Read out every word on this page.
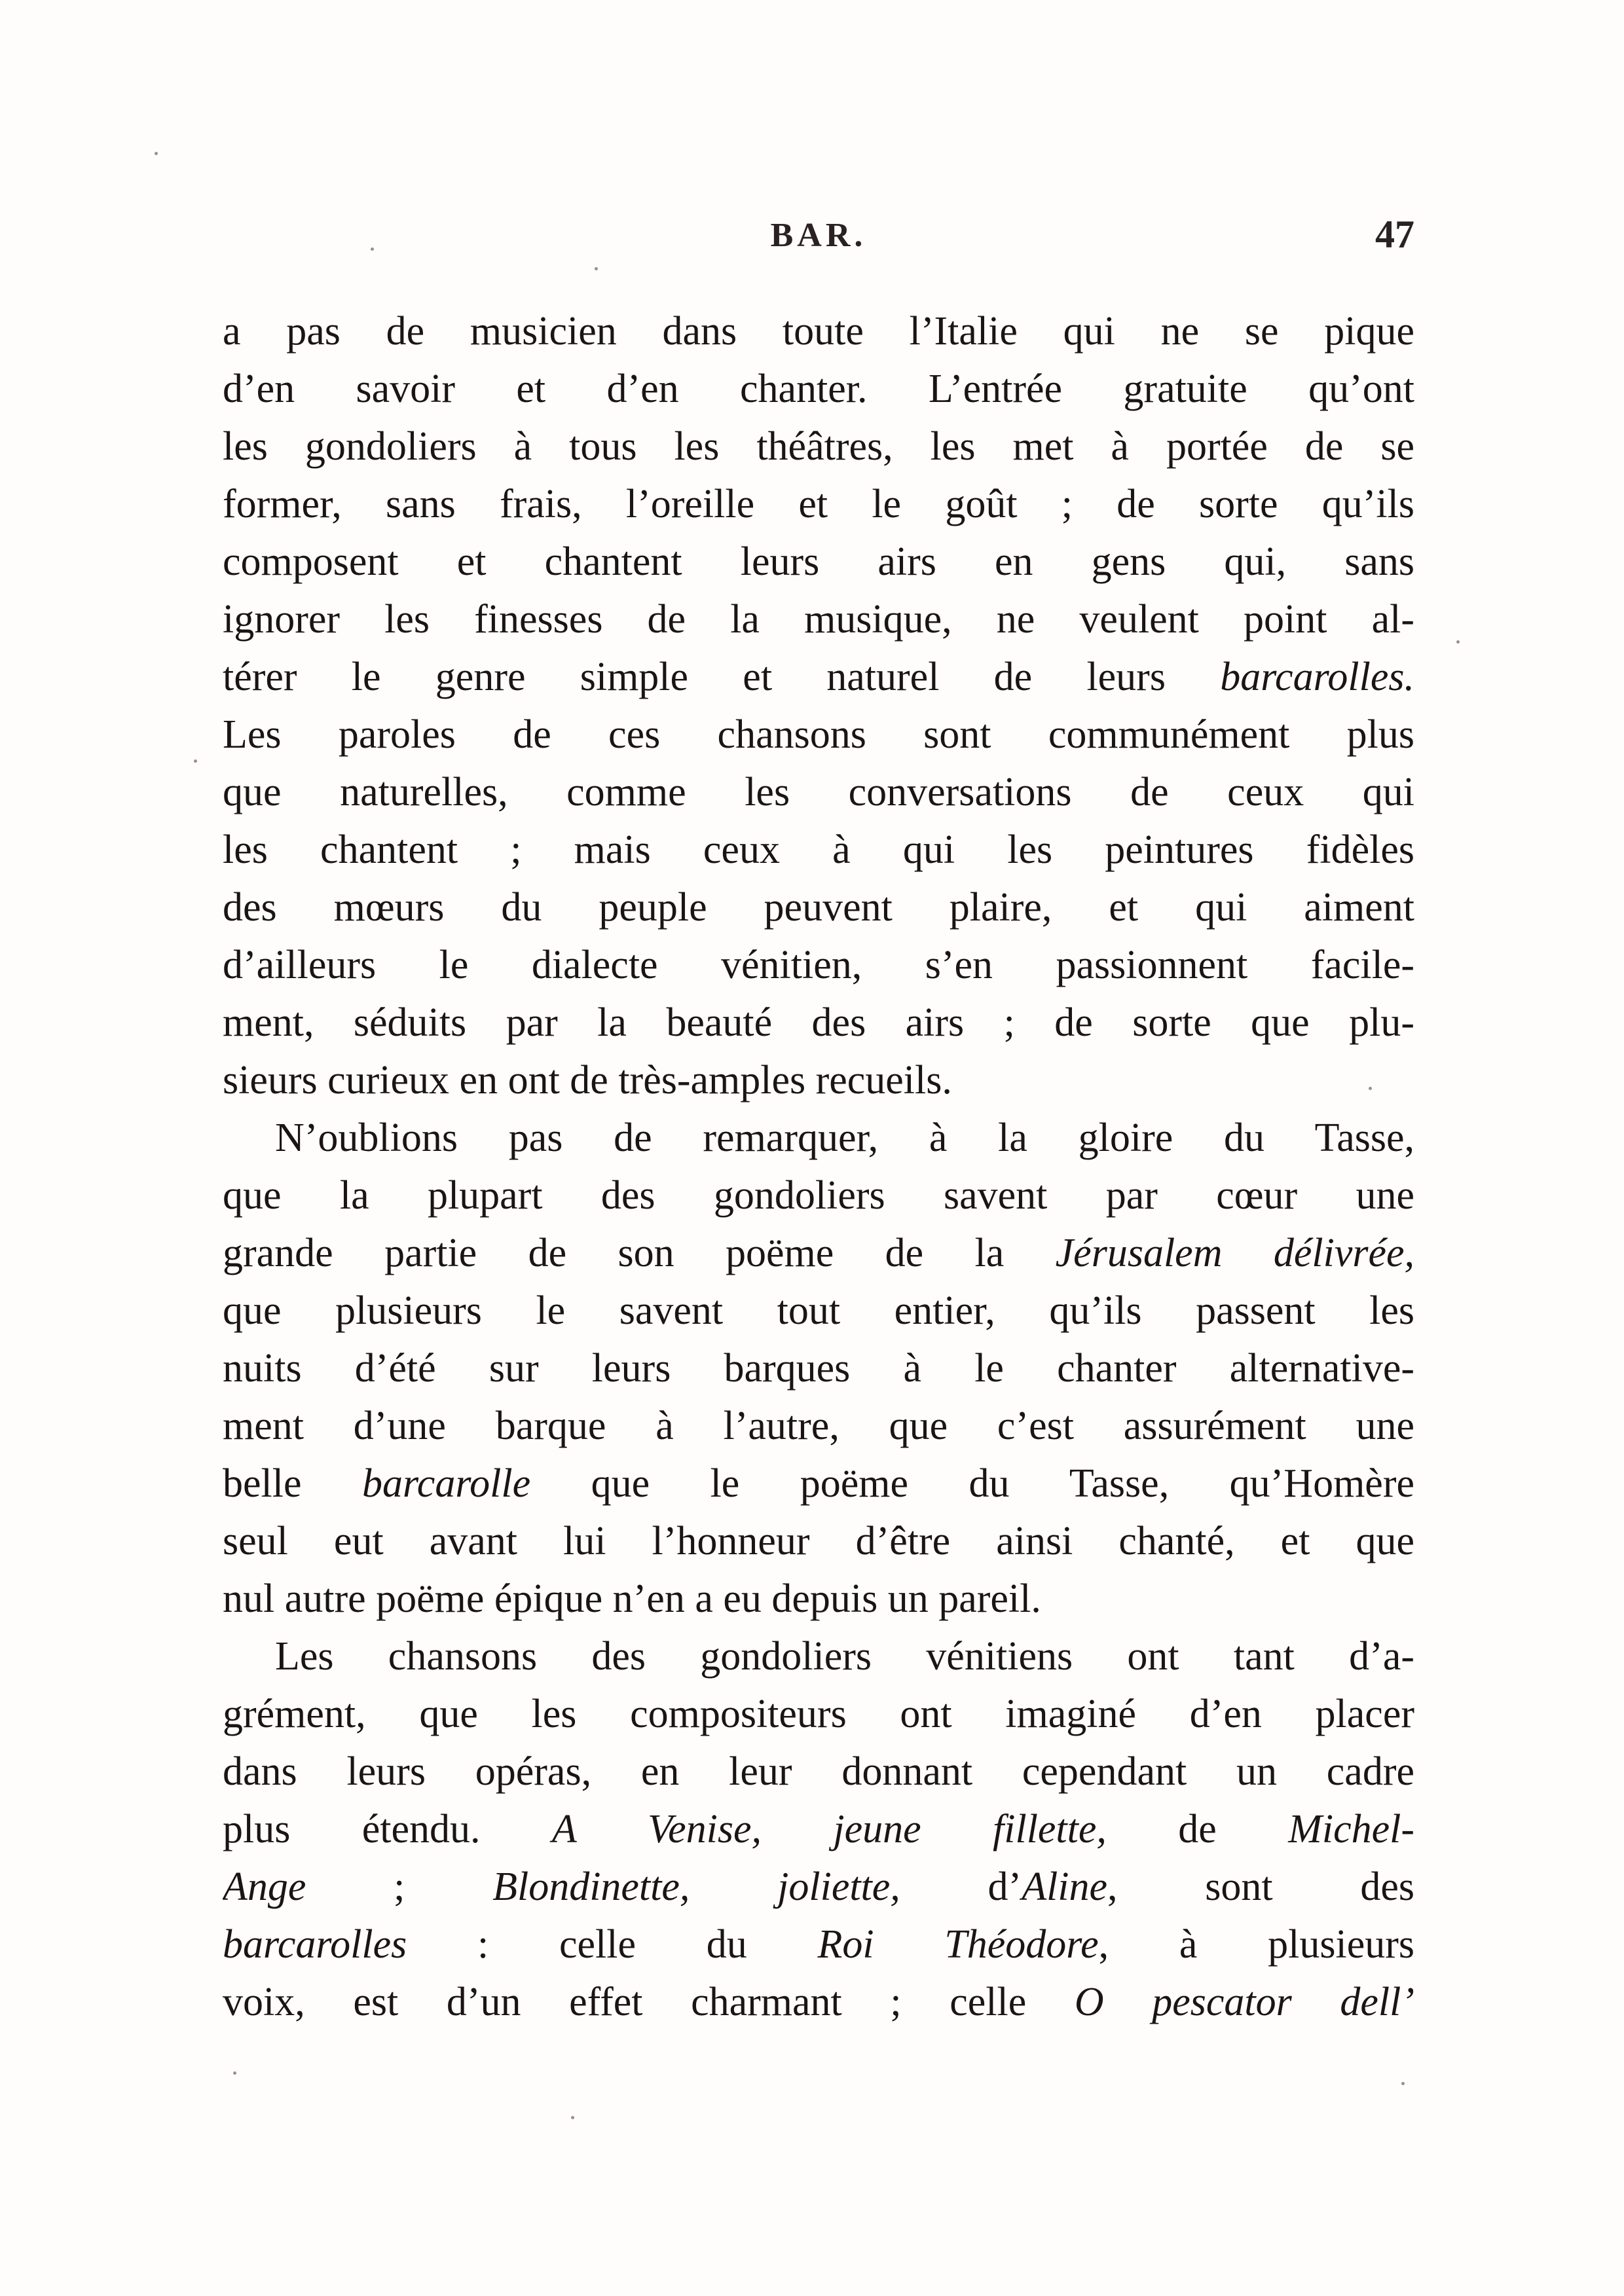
BAR.	47
a pas de musicien dans toute l’Italie qui ne se pique
d’en savoir et d’en chanter. L’entrée gratuite qu’ont
les gondoliers à tous les théâtres, les met à portée de se
former, sans frais, l’oreille et le goût ; de sorte qu’ils
composent et chantent leurs airs en gens qui, sans
ignorer les finesses de la musique, ne veulent point al-
térer le genre simple et naturel de leurs barcarolles.
Les paroles de ces chansons sont communément plus
que naturelles, comme les conversations de ceux qui
les chantent ; mais ceux à qui les peintures fidèles
des mœurs du peuple peuvent plaire, et qui aiment
d’ailleurs le dialecte vénitien, s’en passionnent facile-
ment, séduits par la beauté des airs ; de sorte que plu-
sieurs curieux en ont de très-amples recueils.
N’oublions pas de remarquer, à la gloire du Tasse,
que la plupart des gondoliers savent par cœur une
grande partie de son poëme de la Jérusalem délivrée,
que plusieurs le savent tout entier, qu’ils passent les
nuits d’été sur leurs barques à le chanter alternative-
ment d’une barque à l’autre, que c’est assurément une
belle barcarolle que le poëme du Tasse, qu’Homère
seul eut avant lui l’honneur d’être ainsi chanté, et que
nul autre poëme épique n’en a eu depuis un pareil.
Les chansons des gondoliers vénitiens ont tant d’a-
grément, que les compositeurs ont imaginé d’en placer
dans leurs opéras, en leur donnant cependant un cadre
plus étendu. A Venise, jeune fillette, de Michel-
Ange ; Blondinette, joliette, d’Aline, sont des
barcarolles : celle du Roi Théodore, à plusieurs
voix, est d’un effet charmant ; celle O pescator dell’
